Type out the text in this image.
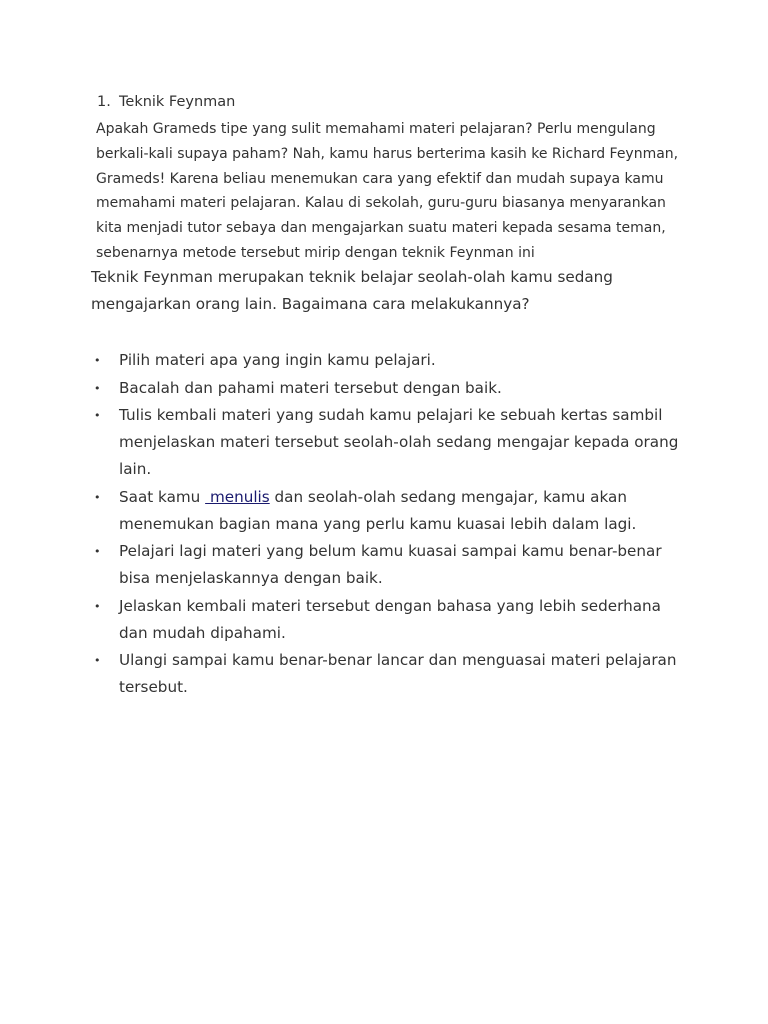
1. Teknik Feynman

Apakah Grameds tipe yang sulit memahami materi pelajaran? Perlu mengulang berkali-kali supaya paham? Nah, kamu harus berterima kasih ke Richard Feynman, Grameds! Karena beliau menemukan cara yang efektif dan mudah supaya kamu memahami materi pelajaran. Kalau di sekolah, guru-guru biasanya menyarankan kita menjadi tutor sebaya dan mengajarkan suatu materi kepada sesama teman, sebenarnya metode tersebut mirip dengan teknik Feynman ini

Teknik Feynman merupakan teknik belajar seolah-olah kamu sedang mengajarkan orang lain. Bagaimana cara melakukannya?

• Pilih materi apa yang ingin kamu pelajari.
• Bacalah dan pahami materi tersebut dengan baik.
• Tulis kembali materi yang sudah kamu pelajari ke sebuah kertas sambil menjelaskan materi tersebut seolah-olah sedang mengajar kepada orang lain.
• Saat kamu  menulis dan seolah-olah sedang mengajar, kamu akan menemukan bagian mana yang perlu kamu kuasai lebih dalam lagi.
• Pelajari lagi materi yang belum kamu kuasai sampai kamu benar-benar bisa menjelaskannya dengan baik.
• Jelaskan kembali materi tersebut dengan bahasa yang lebih sederhana dan mudah dipahami.
• Ulangi sampai kamu benar-benar lancar dan menguasai materi pelajaran tersebut.
